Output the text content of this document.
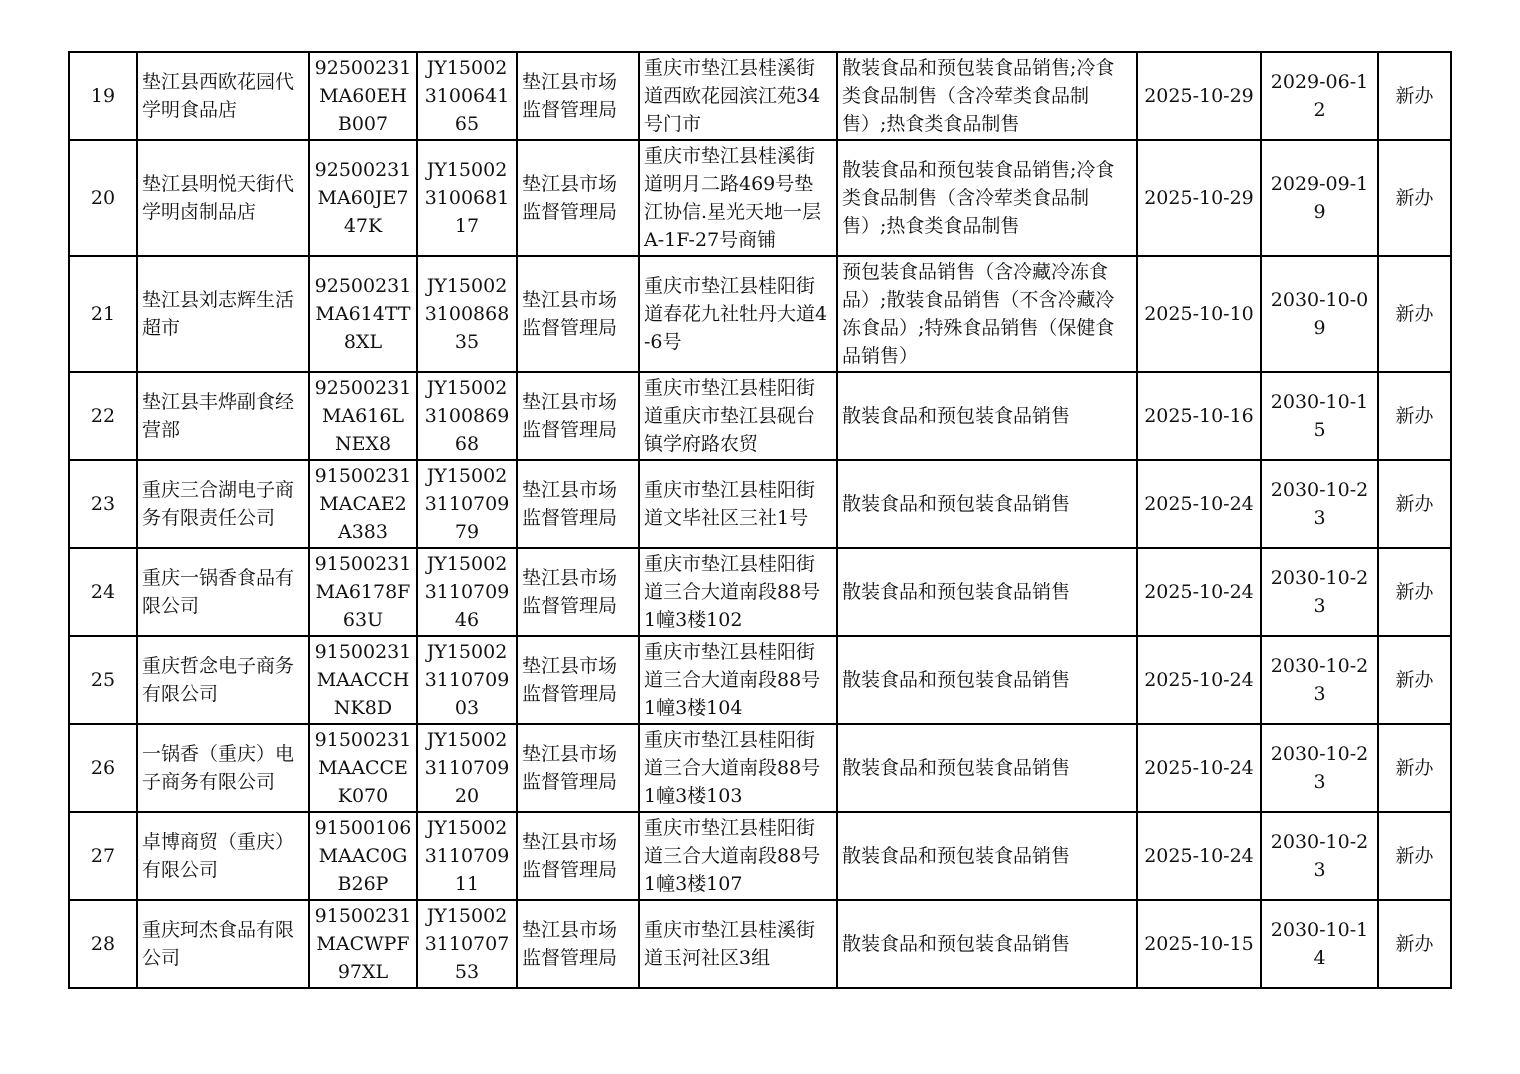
19	垫江县西欧花园代学明食品店	92500231MA60EHB007	JY15002310064165	垫江县市场监督管理局	重庆市垫江县桂溪街道西欧花园滨江苑34号门市	散装食品和预包装食品销售;冷食类食品制售（含冷荤类食品制售）;热食类食品制售	2025-10-29	2029-06-12	新办
20	垫江县明悦天街代学明卤制品店	92500231MA60JE747K	JY15002310068117	垫江县市场监督管理局	重庆市垫江县桂溪街道明月二路469号垫江协信.星光天地一层A-1F-27号商铺	散装食品和预包装食品销售;冷食类食品制售（含冷荤类食品制售）;热食类食品制售	2025-10-29	2029-09-19	新办
21	垫江县刘志辉生活超市	92500231MA614TT8XL	JY15002310086835	垫江县市场监督管理局	重庆市垫江县桂阳街道春花九社牡丹大道4-6号	预包装食品销售（含冷藏冷冻食品）;散装食品销售（不含冷藏冷冻食品）;特殊食品销售（保健食品销售）	2025-10-10	2030-10-09	新办
22	垫江县丰烨副食经营部	92500231MA616LNEX8	JY15002310086968	垫江县市场监督管理局	重庆市垫江县桂阳街道重庆市垫江县砚台镇学府路农贸	散装食品和预包装食品销售	2025-10-16	2030-10-15	新办
23	重庆三合湖电子商务有限责任公司	91500231MACAE2A383	JY15002311070979	垫江县市场监督管理局	重庆市垫江县桂阳街道文毕社区三社1号	散装食品和预包装食品销售	2025-10-24	2030-10-23	新办
24	重庆一锅香食品有限公司	91500231MA6178F63U	JY15002311070946	垫江县市场监督管理局	重庆市垫江县桂阳街道三合大道南段88号1幢3楼102	散装食品和预包装食品销售	2025-10-24	2030-10-23	新办
25	重庆哲念电子商务有限公司	91500231MAACCHNK8D	JY15002311070903	垫江县市场监督管理局	重庆市垫江县桂阳街道三合大道南段88号1幢3楼104	散装食品和预包装食品销售	2025-10-24	2030-10-23	新办
26	一锅香（重庆）电子商务有限公司	91500231MAACCEK070	JY15002311070920	垫江县市场监督管理局	重庆市垫江县桂阳街道三合大道南段88号1幢3楼103	散装食品和预包装食品销售	2025-10-24	2030-10-23	新办
27	卓博商贸（重庆）有限公司	91500106MAAC0GB26P	JY15002311070911	垫江县市场监督管理局	重庆市垫江县桂阳街道三合大道南段88号1幢3楼107	散装食品和预包装食品销售	2025-10-24	2030-10-23	新办
28	重庆珂杰食品有限公司	91500231MACWPF97XL	JY15002311070753	垫江县市场监督管理局	重庆市垫江县桂溪街道玉河社区3组	散装食品和预包装食品销售	2025-10-15	2030-10-14	新办
